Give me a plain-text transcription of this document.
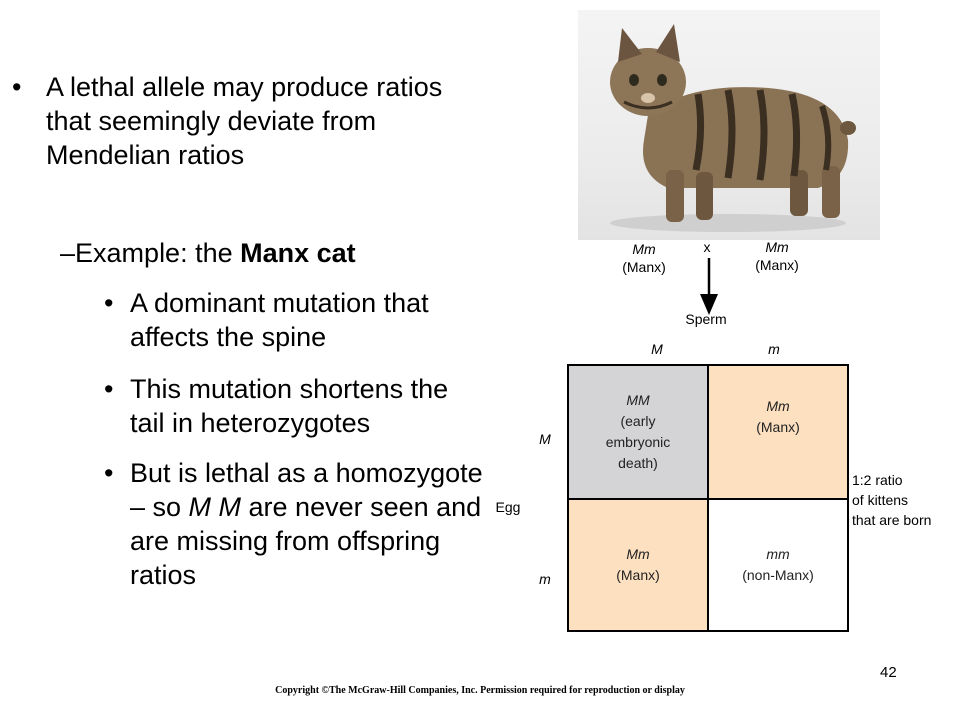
• A lethal allele may produce ratios that seemingly deviate from Mendelian ratios
–Example: the Manx cat
• A dominant mutation that affects the spine
• This mutation shortens the tail in heterozygotes
• But is lethal as a homozygote – so M M are never seen and are missing from offspring ratios
Mm
(Manx)
x	Mm
(Manx)
Sperm
M	m
M
Egg
m
MM
(early
embryonic
death)
Mm
(Manx)
Mm
(Manx)
mm
(non-Manx)
1:2 ratio
of kittens
that are born
42
Copyright ©The McGraw-Hill Companies, Inc. Permission required for reproduction or display
